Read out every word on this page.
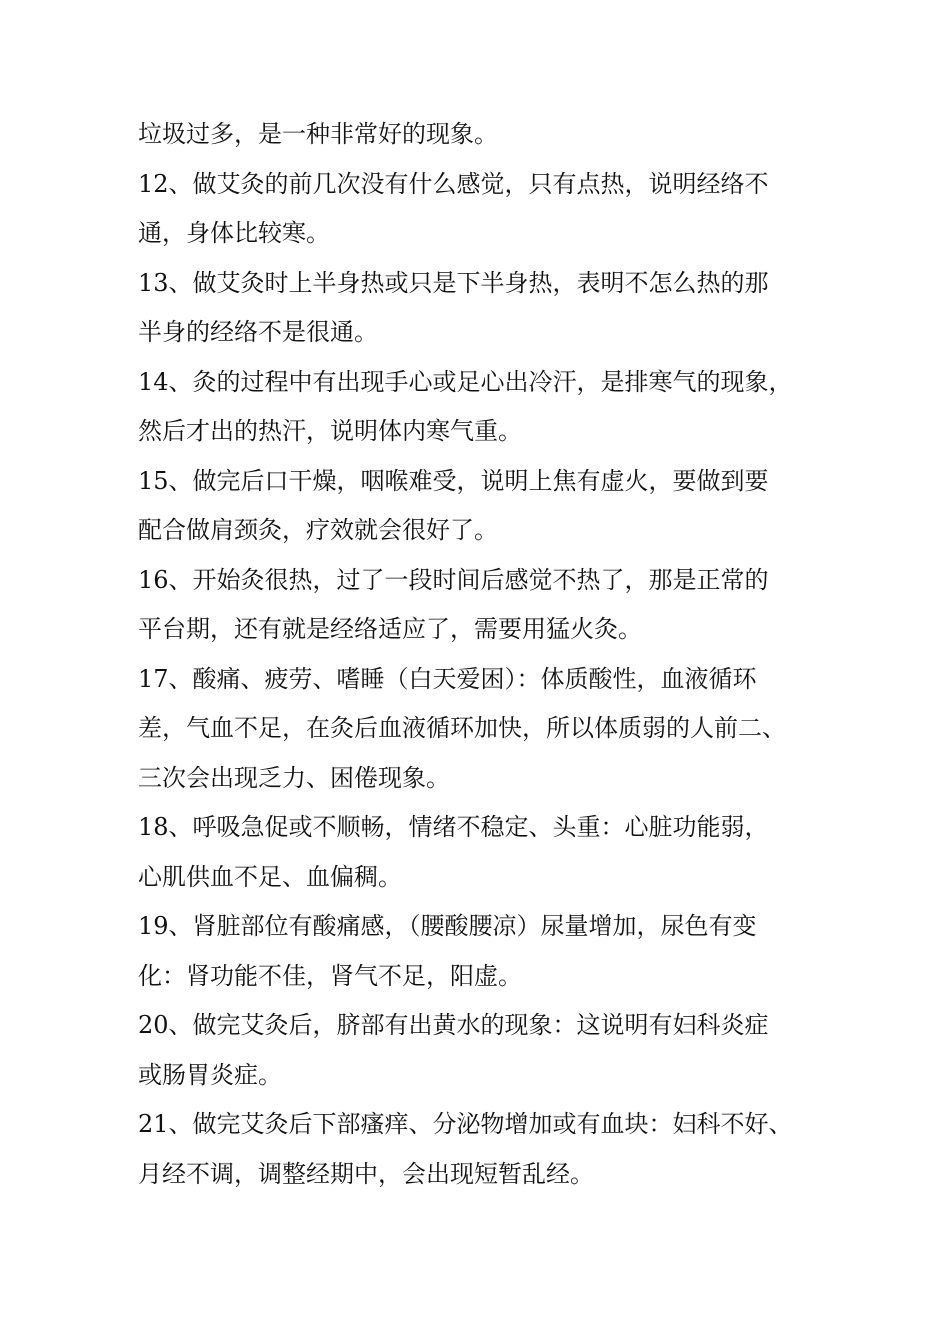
垃圾过多，是一种非常好的现象。
12、做艾灸的前几次没有什么感觉，只有点热，说明经络不
通，身体比较寒。
13、做艾灸时上半身热或只是下半身热，表明不怎么热的那
半身的经络不是很通。
14、灸的过程中有出现手心或足心出冷汗，是排寒气的现象，
然后才出的热汗，说明体内寒气重。
15、做完后口干燥，咽喉难受，说明上焦有虚火，要做到要
配合做肩颈灸，疗效就会很好了。
16、开始灸很热，过了一段时间后感觉不热了，那是正常的
平台期，还有就是经络适应了，需要用猛火灸。
17、酸痛、疲劳、嗜睡（白天爱困）：体质酸性，血液循环
差，气血不足，在灸后血液循环加快，所以体质弱的人前二、
三次会出现乏力、困倦现象。
18、呼吸急促或不顺畅，情绪不稳定、头重：心脏功能弱，
心肌供血不足、血偏稠。
19、肾脏部位有酸痛感，（腰酸腰凉）尿量增加，尿色有变
化：肾功能不佳，肾气不足，阳虚。
20、做完艾灸后，脐部有出黄水的现象：这说明有妇科炎症
或肠胃炎症。
21、做完艾灸后下部瘙痒、分泌物增加或有血块：妇科不好、
月经不调，调整经期中，会出现短暂乱经。
